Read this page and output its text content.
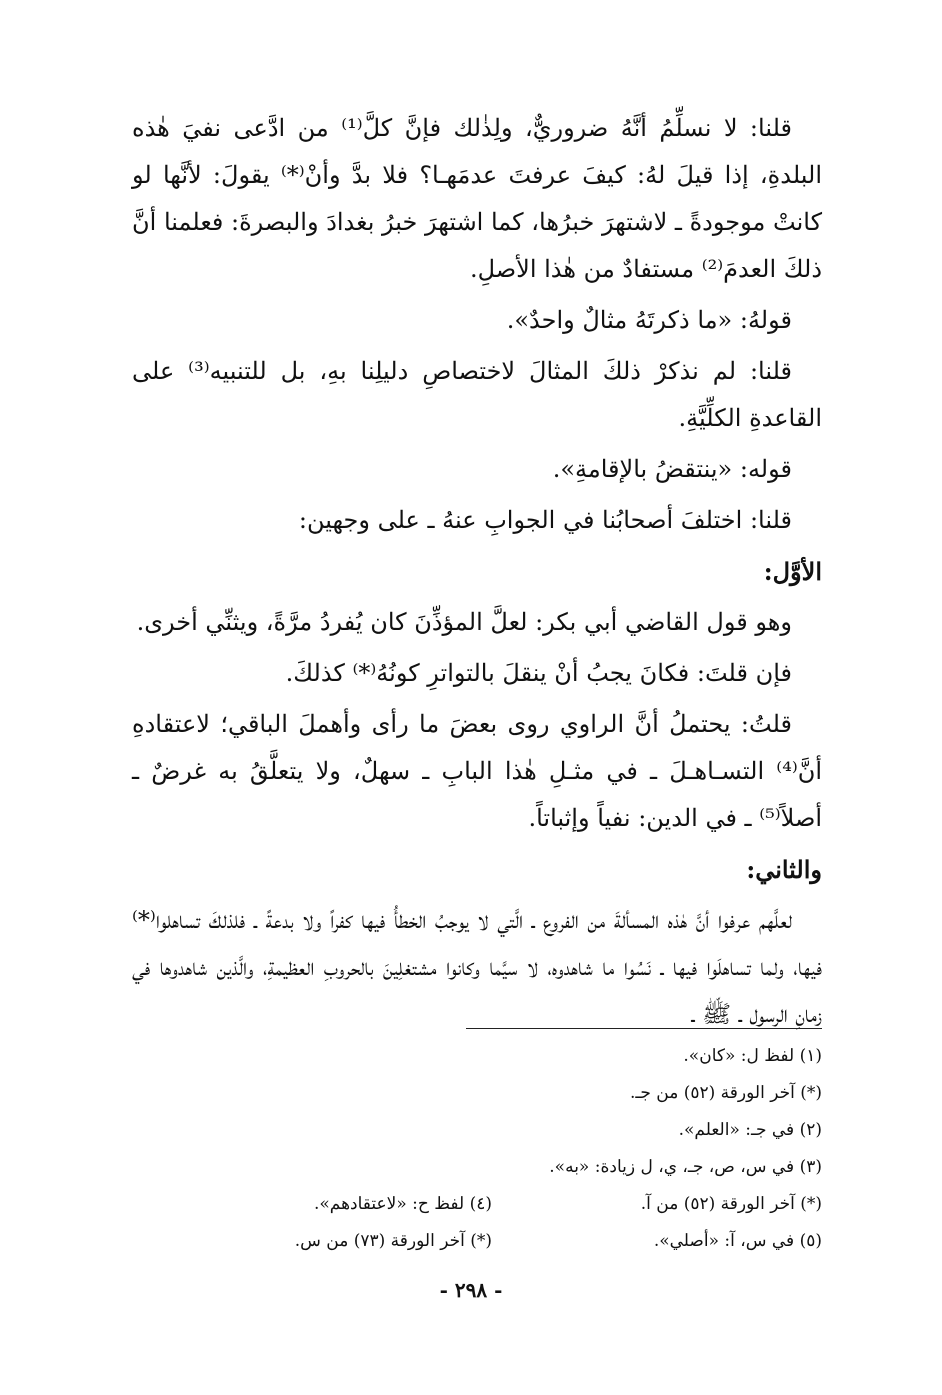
قلنا: لا نسلِّمُ أنَّهُ ضروريٌّ، ولِذٰلك فإنَّ كلَّ⁽¹⁾ من ادَّعى نفيَ هٰذه البلدةِ، إذا قيلَ لهُ: كيفَ عرفتَ عدمَهـا؟ فلا بدَّ وأنْ⁽*⁾ يقولَ: لأنَّها لو كانتْ موجودةً ـ لاشتهرَ خبرُها، كما اشتهرَ خبرُ بغدادَ والبصرةَ: فعلمنا أنَّ ذلكَ العدمَ⁽²⁾ مستفادٌ من هٰذا الأصلِ.

قولهُ: «ما ذكرتَهُ مثالٌ واحدٌ».

قلنا: لم نذكرْ ذلكَ المثالَ لاختصاصِ دليلِنا بهِ، بل للتنبيه⁽³⁾ على القاعدةِ الكلِّيَّةِ.

قوله: «ينتقضُ بالإقامةِ».

قلنا: اختلفَ أصحابُنا في الجوابِ عنهُ ـ على وجهين:

الأوَّل:

وهو قول القاضي أبي بكر: لعلَّ المؤذِّنَ كان يُفردُ مرَّةً، ويثنِّي أخرى.

فإن قلتَ: فكانَ يجبُ أنْ ينقلَ بالتواترِ كونُهُ⁽*⁾ كذلكَ.

قلتُ: يحتملُ أنَّ الراوي روى بعضَ ما رأى وأهملَ الباقي؛ لاعتقادهِ أنَّ⁽⁴⁾ التسـاهـلَ ـ في مثـلِ هٰذا البابِ ـ سهلٌ، ولا يتعلَّقُ به غرضٌ ـ أصلاً⁽⁵⁾ ـ في الدين: نفياً وإثباتاً.

والثاني:

لعلَّهم عرفوا أنَّ هٰذه المسألةَ من الفروع ـ الَّتي لا يوجبُ الخطأُ فيها كفراً ولا بدعةً ـ فلذلكَ تساهلوا⁽*⁾ فيها، ولما تساهلَوا فيها ـ نَسُوا ما شاهدوه، لا سيَّما وكانوا مشتغلِينَ بالحروبِ العظيمةِ، والَّذين شاهدوها في زمانِ الرسول ـ ﷺ ـ

(١) لفظ ل: «كان».
(*) آخر الورقة (٥٢) من جـ.
(٢) في جـ: «العلم».
(٣) في س، ص، جـ، ي، ل زيادة: «به».
(*) آخر الورقة (٥٢) من آ.
(٤) لفظ ح: «لاعتقادهم».
(٥) في س، آ: «أصلي».
(*) آخر الورقة (٧٣) من س.
- ٢٩٨ -
